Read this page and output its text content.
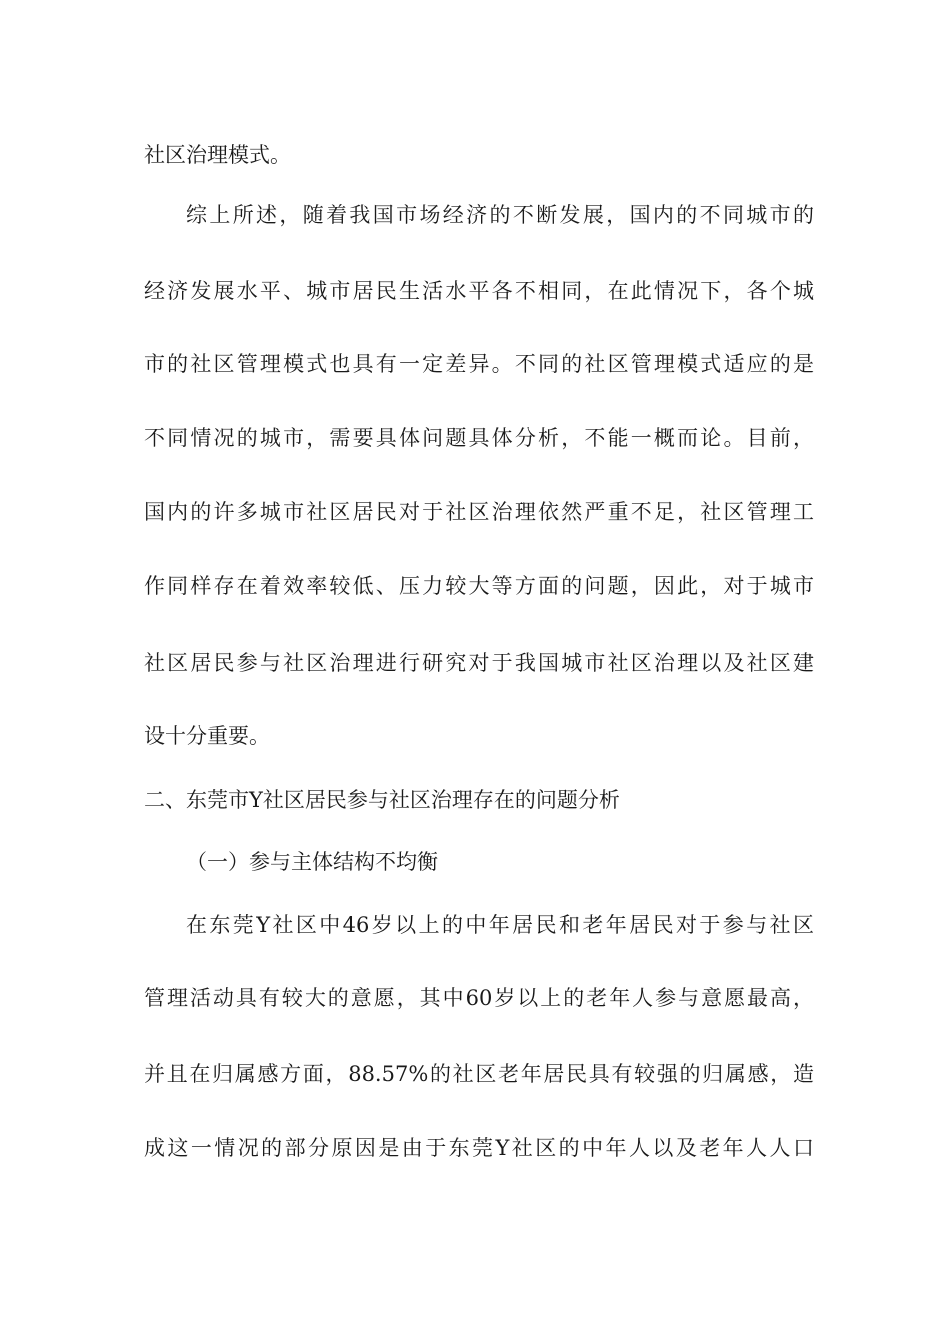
社区治理模式。
综上所述，随着我国市场经济的不断发展，国内的不同城市的
经济发展水平、城市居民生活水平各不相同，在此情况下，各个城
市的社区管理模式也具有一定差异。不同的社区管理模式适应的是
不同情况的城市，需要具体问题具体分析，不能一概而论。目前，
国内的许多城市社区居民对于社区治理依然严重不足，社区管理工
作同样存在着效率较低、压力较大等方面的问题，因此，对于城市
社区居民参与社区治理进行研究对于我国城市社区治理以及社区建
设十分重要。
二、东莞市Y社区居民参与社区治理存在的问题分析
（一）参与主体结构不均衡
在东莞Y社区中46岁以上的中年居民和老年居民对于参与社区
管理活动具有较大的意愿，其中60岁以上的老年人参与意愿最高，
并且在归属感方面，88.57%的社区老年居民具有较强的归属感，造
成这一情况的部分原因是由于东莞Y社区的中年人以及老年人人口
